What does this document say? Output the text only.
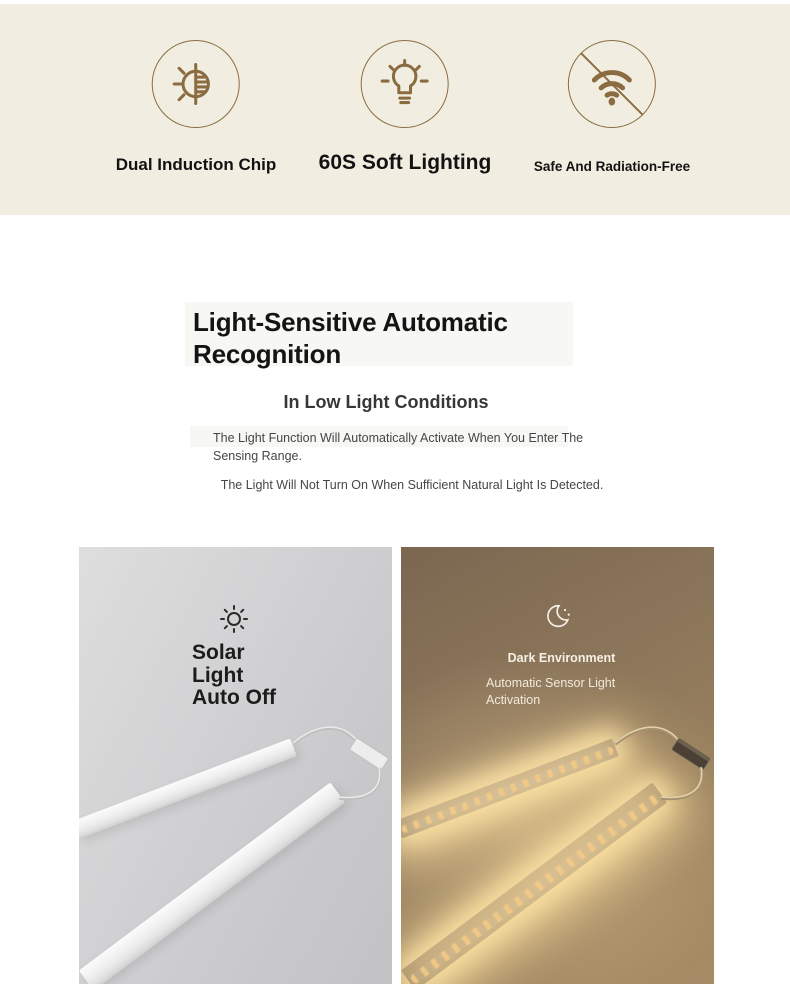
Dual Induction Chip 60S Soft Lighting	Safe And Radiation-Free
Light-Sensitive Automatic Recognition
In Low Light Conditions
The Light Function Will Automatically Activate When You Enter The Sensing Range.
The Light Will Not Turn On When Sufficient Natural Light Is Detected.
Solar
Light
Auto Off
Dark Environment
Automatic Sensor Light Activation
